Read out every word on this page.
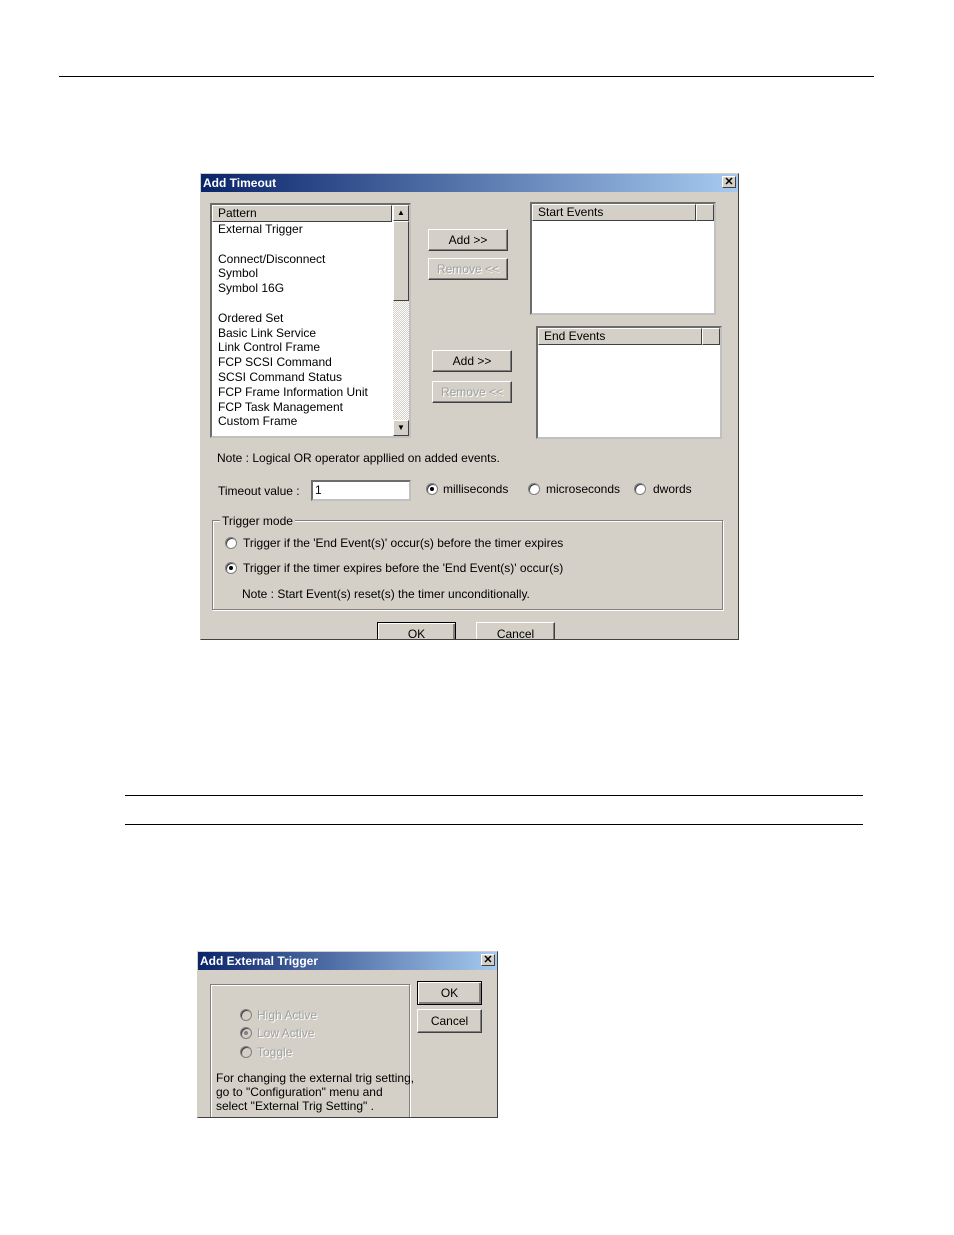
Add Timeout	✕
Pattern
External Trigger
Connect/Disconnect
Symbol
Symbol 16G
Ordered Set
Basic Link Service
Link Control Frame
FCP SCSI Command
SCSI Command Status
FCP Frame Information Unit
FCP Task Management
Custom Frame
▲
▼
Add >>
Remove <<
Start Events
Add >>
Remove <<
End Events
Note : Logical OR operator appllied on added events.
Timeout value :	1	milliseconds	microseconds	dwords
Trigger mode
Trigger if the 'End Event(s)' occur(s) before the timer expires
Trigger if the timer expires before the 'End Event(s)' occur(s)
Note : Start Event(s) reset(s) the timer unconditionally.
OK	Cancel
Add External Trigger	✕
High Active
Low Active
Toggle
For changing the external trig setting,
go to "Configuration" menu and
select "External Trig Setting" .
OK
Cancel
